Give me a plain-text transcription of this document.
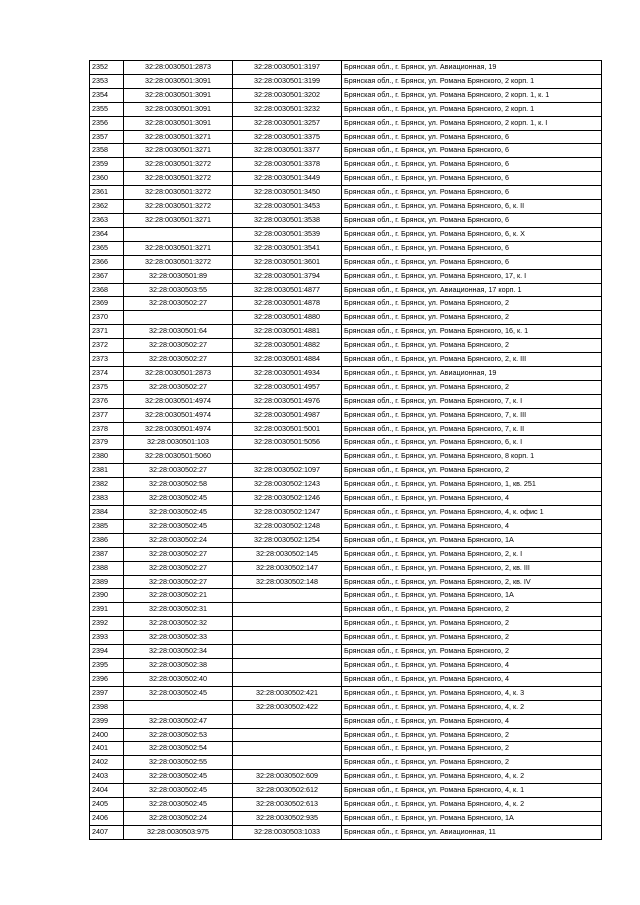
2352	32:28:0030501:2873	32:28:0030501:3197	Брянская обл., г. Брянск, ул. Авиационная, 19
2353	32:28:0030501:3091	32:28:0030501:3199	Брянская обл., г. Брянск, ул. Романа Брянского, 2 корп. 1
2354	32:28:0030501:3091	32:28:0030501:3202	Брянская обл., г. Брянск, ул. Романа Брянского, 2 корп. 1, к. 1
2355	32:28:0030501:3091	32:28:0030501:3232	Брянская обл., г. Брянск, ул. Романа Брянского, 2 корп. 1
2356	32:28:0030501:3091	32:28:0030501:3257	Брянская обл., г. Брянск, ул. Романа Брянского, 2 корп. 1, к. I
2357	32:28:0030501:3271	32:28:0030501:3375	Брянская обл., г. Брянск, ул. Романа Брянского, 6
2358	32:28:0030501:3271	32:28:0030501:3377	Брянская обл., г. Брянск, ул. Романа Брянского, 6
2359	32:28:0030501:3272	32:28:0030501:3378	Брянская обл., г. Брянск, ул. Романа Брянского, 6
2360	32:28:0030501:3272	32:28:0030501:3449	Брянская обл., г. Брянск, ул. Романа Брянского, 6
2361	32:28:0030501:3272	32:28:0030501:3450	Брянская обл., г. Брянск, ул. Романа Брянского, 6
2362	32:28:0030501:3272	32:28:0030501:3453	Брянская обл., г. Брянск, ул. Романа Брянского, 6, к. II
2363	32:28:0030501:3271	32:28:0030501:3538	Брянская обл., г. Брянск, ул. Романа Брянского, 6
2364		32:28:0030501:3539	Брянская обл., г. Брянск, ул. Романа Брянского, 6, к. X
2365	32:28:0030501:3271	32:28:0030501:3541	Брянская обл., г. Брянск, ул. Романа Брянского, 6
2366	32:28:0030501:3272	32:28:0030501:3601	Брянская обл., г. Брянск, ул. Романа Брянского, 6
2367	32:28:0030501:89	32:28:0030501:3794	Брянская обл., г. Брянск, ул. Романа Брянского, 17, к. I
2368	32:28:0030503:55	32:28:0030501:4877	Брянская обл., г. Брянск, ул. Авиационная, 17 корп. 1
2369	32:28:0030502:27	32:28:0030501:4878	Брянская обл., г. Брянск, ул. Романа Брянского, 2
2370		32:28:0030501:4880	Брянская обл., г. Брянск, ул. Романа Брянского, 2
2371	32:28:0030501:64	32:28:0030501:4881	Брянская обл., г. Брянск, ул. Романа Брянского, 16, к. 1
2372	32:28:0030502:27	32:28:0030501:4882	Брянская обл., г. Брянск, ул. Романа Брянского, 2
2373	32:28:0030502:27	32:28:0030501:4884	Брянская обл., г. Брянск, ул. Романа Брянского, 2, к. III
2374	32:28:0030501:2873	32:28:0030501:4934	Брянская обл., г. Брянск, ул. Авиационная, 19
2375	32:28:0030502:27	32:28:0030501:4957	Брянская обл., г. Брянск, ул. Романа Брянского, 2
2376	32:28:0030501:4974	32:28:0030501:4976	Брянская обл., г. Брянск, ул. Романа Брянского, 7, к. I
2377	32:28:0030501:4974	32:28:0030501:4987	Брянская обл., г. Брянск, ул. Романа Брянского, 7, к. III
2378	32:28:0030501:4974	32:28:0030501:5001	Брянская обл., г. Брянск, ул. Романа Брянского, 7, к. II
2379	32:28:0030501:103	32:28:0030501:5056	Брянская обл., г. Брянск, ул. Романа Брянского, 6, к. I
2380	32:28:0030501:5060		Брянская обл., г. Брянск, ул. Романа Брянского, 8 корп. 1
2381	32:28:0030502:27	32:28:0030502:1097	Брянская обл., г. Брянск, ул. Романа Брянского, 2
2382	32:28:0030502:58	32:28:0030502:1243	Брянская обл., г. Брянск, ул. Романа Брянского, 1, кв. 251
2383	32:28:0030502:45	32:28:0030502:1246	Брянская обл., г. Брянск, ул. Романа Брянского, 4
2384	32:28:0030502:45	32:28:0030502:1247	Брянская обл., г. Брянск, ул. Романа Брянского, 4, к. офис 1
2385	32:28:0030502:45	32:28:0030502:1248	Брянская обл., г. Брянск, ул. Романа Брянского, 4
2386	32:28:0030502:24	32:28:0030502:1254	Брянская обл., г. Брянск, ул. Романа Брянского, 1А
2387	32:28:0030502:27	32:28:0030502:145	Брянская обл., г. Брянск, ул. Романа Брянского, 2, к. I
2388	32:28:0030502:27	32:28:0030502:147	Брянская обл., г. Брянск, ул. Романа Брянского, 2, кв. III
2389	32:28:0030502:27	32:28:0030502:148	Брянская обл., г. Брянск, ул. Романа Брянского, 2, кв. IV
2390	32:28:0030502:21		Брянская обл., г. Брянск, ул. Романа Брянского, 1А
2391	32:28:0030502:31		Брянская обл., г. Брянск, ул. Романа Брянского, 2
2392	32:28:0030502:32		Брянская обл., г. Брянск, ул. Романа Брянского, 2
2393	32:28:0030502:33		Брянская обл., г. Брянск, ул. Романа Брянского, 2
2394	32:28:0030502:34		Брянская обл., г. Брянск, ул. Романа Брянского, 2
2395	32:28:0030502:38		Брянская обл., г. Брянск, ул. Романа Брянского, 4
2396	32:28:0030502:40		Брянская обл., г. Брянск, ул. Романа Брянского, 4
2397	32:28:0030502:45	32:28:0030502:421	Брянская обл., г. Брянск, ул. Романа Брянского, 4, к. 3
2398		32:28:0030502:422	Брянская обл., г. Брянск, ул. Романа Брянского, 4, к. 2
2399	32:28:0030502:47		Брянская обл., г. Брянск, ул. Романа Брянского, 4
2400	32:28:0030502:53		Брянская обл., г. Брянск, ул. Романа Брянского, 2
2401	32:28:0030502:54		Брянская обл., г. Брянск, ул. Романа Брянского, 2
2402	32:28:0030502:55		Брянская обл., г. Брянск, ул. Романа Брянского, 2
2403	32:28:0030502:45	32:28:0030502:609	Брянская обл., г. Брянск, ул. Романа Брянского, 4, к. 2
2404	32:28:0030502:45	32:28:0030502:612	Брянская обл., г. Брянск, ул. Романа Брянского, 4, к. 1
2405	32:28:0030502:45	32:28:0030502:613	Брянская обл., г. Брянск, ул. Романа Брянского, 4, к. 2
2406	32:28:0030502:24	32:28:0030502:935	Брянская обл., г. Брянск, ул. Романа Брянского, 1А
2407	32:28:0030503:975	32:28:0030503:1033	Брянская обл., г. Брянск, ул. Авиационная, 11
